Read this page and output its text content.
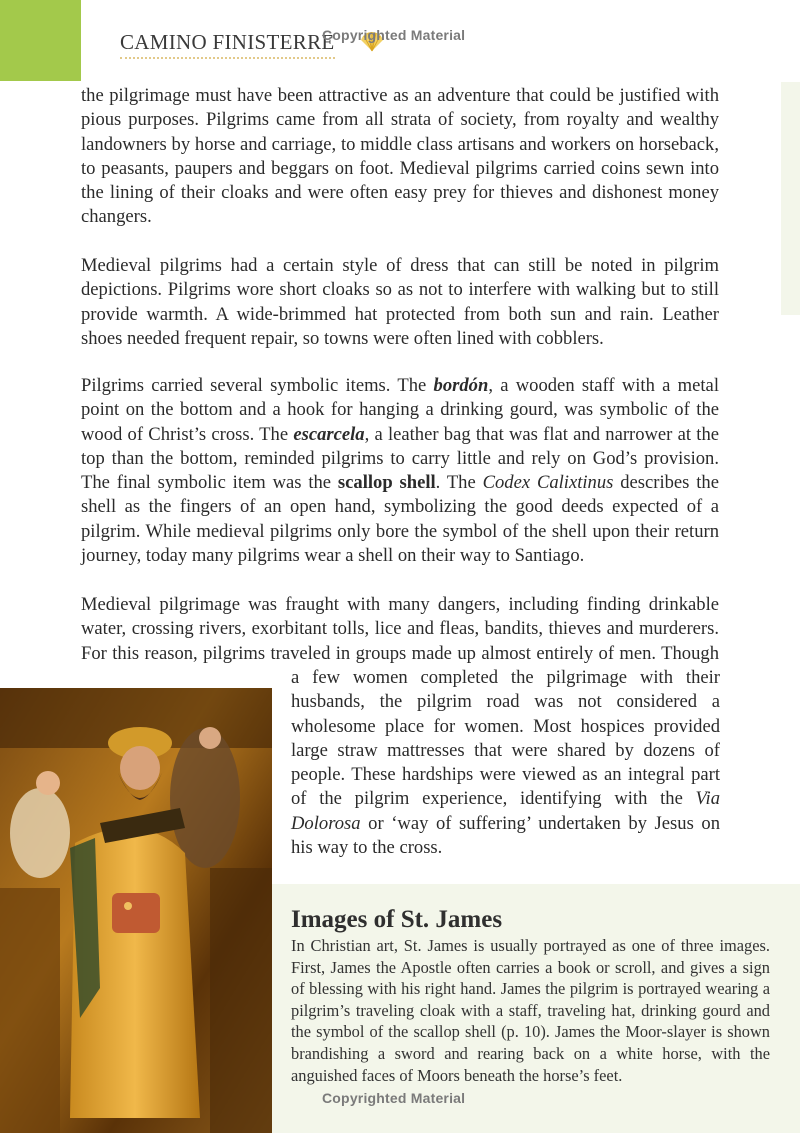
CAMINO FINISTERRE
Copyrighted Material

the pilgrimage must have been attractive as an adventure that could be justified with pious purposes. Pilgrims came from all strata of society, from royalty and wealthy landowners by horse and carriage, to middle class artisans and workers on horseback, to peasants, paupers and beggars on foot. Medieval pilgrims carried coins sewn into the lining of their cloaks and were often easy prey for thieves and dishonest money changers.

Medieval pilgrims had a certain style of dress that can still be noted in pilgrim depictions. Pilgrims wore short cloaks so as not to interfere with walking but to still provide warmth. A wide-brimmed hat protected from both sun and rain. Leather shoes needed frequent repair, so towns were often lined with cobblers.

Pilgrims carried several symbolic items. The bordón, a wooden staff with a metal point on the bottom and a hook for hanging a drinking gourd, was symbolic of the wood of Christ’s cross. The escarcela, a leather bag that was flat and narrower at the top than the bottom, reminded pilgrims to carry little and rely on God’s provision. The final symbolic item was the scallop shell. The Codex Calixtinus describes the shell as the fingers of an open hand, symbolizing the good deeds expected of a pilgrim. While medieval pilgrims only bore the symbol of the shell upon their return journey, today many pilgrims wear a shell on their way to Santiago.

Medieval pilgrimage was fraught with many dangers, including finding drinkable water, crossing rivers, exorbitant tolls, lice and fleas, bandits, thieves and murderers. For this reason, pilgrims traveled in groups made up almost entirely of men. Though

a few women completed the pilgrimage with their husbands, the pilgrim road was not considered a wholesome place for women. Most hospices provided large straw mattresses that were shared by dozens of people. These hardships were viewed as an integral part of the pilgrim experience, identifying with the Via Dolorosa or ‘way of suffering’ undertaken by Jesus on his way to the cross.
Images of St. James
In Christian art, St. James is usually portrayed as one of three images. First, James the Apostle often carries a book or scroll, and gives a sign of blessing with his right hand. James the pilgrim is portrayed wearing a pilgrim’s traveling cloak with a staff, traveling hat, drinking gourd and the symbol of the scallop shell (p. 10). James the Moor-slayer is shown brandishing a sword and rearing back on a white horse, with the anguished faces of Moors beneath the horse’s feet.
Copyrighted Material
